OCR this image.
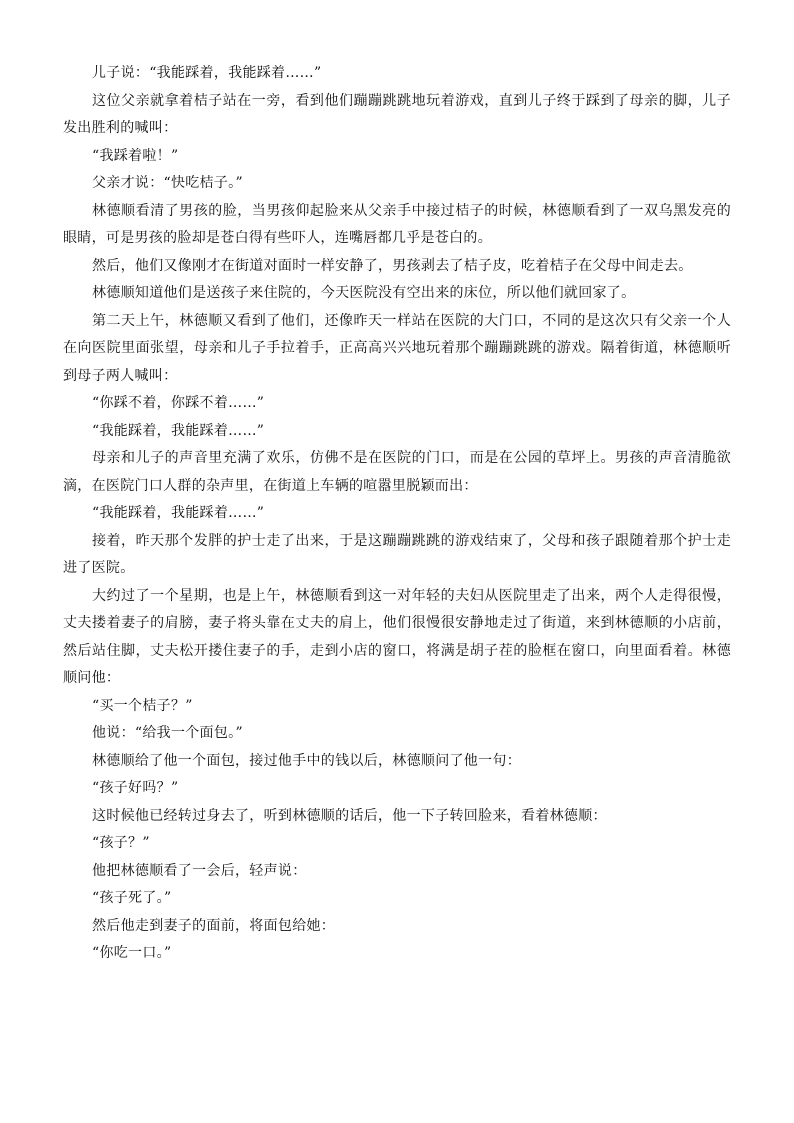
儿子说：“我能踩着，我能踩着……”

这位父亲就拿着桔子站在一旁，看到他们蹦蹦跳跳地玩着游戏，直到儿子终于踩到了母亲的脚，儿子发出胜利的喊叫：

“我踩着啦！”

父亲才说：“快吃桔子。”

林德顺看清了男孩的脸，当男孩仰起脸来从父亲手中接过桔子的时候，林德顺看到了一双乌黑发亮的眼睛，可是男孩的脸却是苍白得有些吓人，连嘴唇都几乎是苍白的。

然后，他们又像刚才在街道对面时一样安静了，男孩剥去了桔子皮，吃着桔子在父母中间走去。

林德顺知道他们是送孩子来住院的，今天医院没有空出来的床位，所以他们就回家了。

第二天上午，林德顺又看到了他们，还像昨天一样站在医院的大门口，不同的是这次只有父亲一个人在向医院里面张望，母亲和儿子手拉着手，正高高兴兴地玩着那个蹦蹦跳跳的游戏。隔着街道，林德顺听到母子两人喊叫：

“你踩不着，你踩不着……”

“我能踩着，我能踩着……”

母亲和儿子的声音里充满了欢乐，仿佛不是在医院的门口，而是在公园的草坪上。男孩的声音清脆欲滴，在医院门口人群的杂声里，在街道上车辆的喧嚣里脱颖而出：

“我能踩着，我能踩着……”

接着，昨天那个发胖的护士走了出来，于是这蹦蹦跳跳的游戏结束了，父母和孩子跟随着那个护士走进了医院。

大约过了一个星期，也是上午，林德顺看到这一对年轻的夫妇从医院里走了出来，两个人走得很慢，丈夫搂着妻子的肩膀，妻子将头靠在丈夫的肩上，他们很慢很安静地走过了街道，来到林德顺的小店前，然后站住脚，丈夫松开搂住妻子的手，走到小店的窗口，将满是胡子茬的脸框在窗口，向里面看着。林德顺问他：

“买一个桔子？”

他说：“给我一个面包。”

林德顺给了他一个面包，接过他手中的钱以后，林德顺问了他一句：

“孩子好吗？”

这时候他已经转过身去了，听到林德顺的话后，他一下子转回脸来，看着林德顺：

“孩子？”

他把林德顺看了一会后，轻声说：

“孩子死了。”

然后他走到妻子的面前，将面包给她：

“你吃一口。”
